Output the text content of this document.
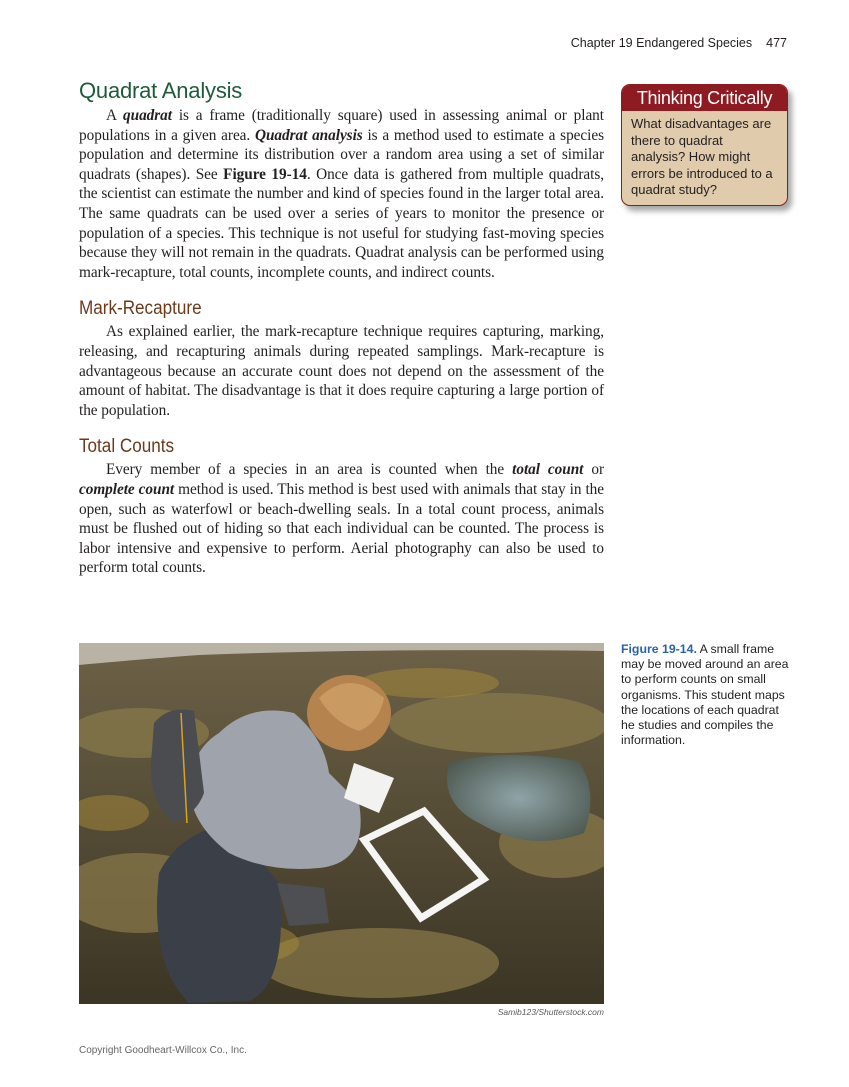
Chapter 19 Endangered Species 477
Quadrat Analysis

A quadrat is a frame (traditionally square) used in assessing animal or plant populations in a given area. Quadrat analysis is a method used to estimate a species population and determine its distribution over a random area using a set of similar quadrats (shapes). See Figure 19-14. Once data is gathered from multiple quadrats, the scientist can estimate the number and kind of species found in the larger total area. The same quadrats can be used over a series of years to monitor the presence or population of a species. This technique is not useful for studying fast-moving species because they will not remain in the quadrats. Quadrat analysis can be performed using mark-recapture, total counts, incomplete counts, and indirect counts.

Mark-Recapture

As explained earlier, the mark-recapture technique requires capturing, marking, releasing, and recapturing animals during repeated samplings. Mark-recapture is advantageous because an accurate count does not depend on the assessment of the amount of habitat. The disadvantage is that it does require capturing a large portion of the population.

Total Counts

Every member of a species in an area is counted when the total count or complete count method is used. This method is best used with animals that stay in the open, such as waterfowl or beach-dwelling seals. In a total count process, animals must be flushed out of hiding so that each individual can be counted. The process is labor intensive and expensive to perform. Aerial photography can also be used to perform total counts.

Thinking Critically
What disadvantages are there to quadrat analysis? How might errors be introduced to a quadrat study?
Samib123/Shutterstock.com
Figure 19-14. A small frame may be moved around an area to perform counts on small organisms. This student maps the locations of each quadrat he studies and compiles the information.
Copyright Goodheart-Willcox Co., Inc.
